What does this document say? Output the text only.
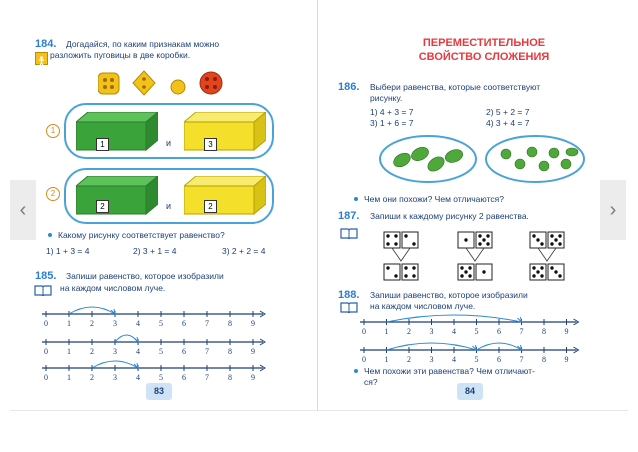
184. Догадайся, по каким признакам можно
разложить пуговицы в две коробки.
1
1	и	3
2
2	и	2
Какому рисунку соответствует равенство?
1) 1 + 3 = 4	2) 3 + 1 = 4	3) 2 + 2 = 4
185. Запиши равенство, которое изобразили
на каждом числовом луче.
0 1 2 3 4 5 6 7 8 9
0 1 2 3 4 5 6 7 8 9
0 1 2 3 4 5 6 7 8 9
83
ПЕРЕМЕСТИТЕЛЬНОЕ
СВОЙСТВО СЛОЖЕНИЯ
186. Выбери равенства, которые соответствуют
рисунку.
1) 4 + 3 = 7	2) 5 + 2 = 7
3) 1 + 6 = 7	4) 3 + 4 = 7
Чем они похожи? Чем отличаются?
187. Запиши к каждому рисунку 2 равенства.
188. Запиши равенство, которое изобразили
на каждом числовом луче.
0 1 2 3 4 5 6 7 8 9
0 1 2 3 4 5 6 7 8 9
Чем похожи эти равенства? Чем отличают-
ся?
84
‹	›
